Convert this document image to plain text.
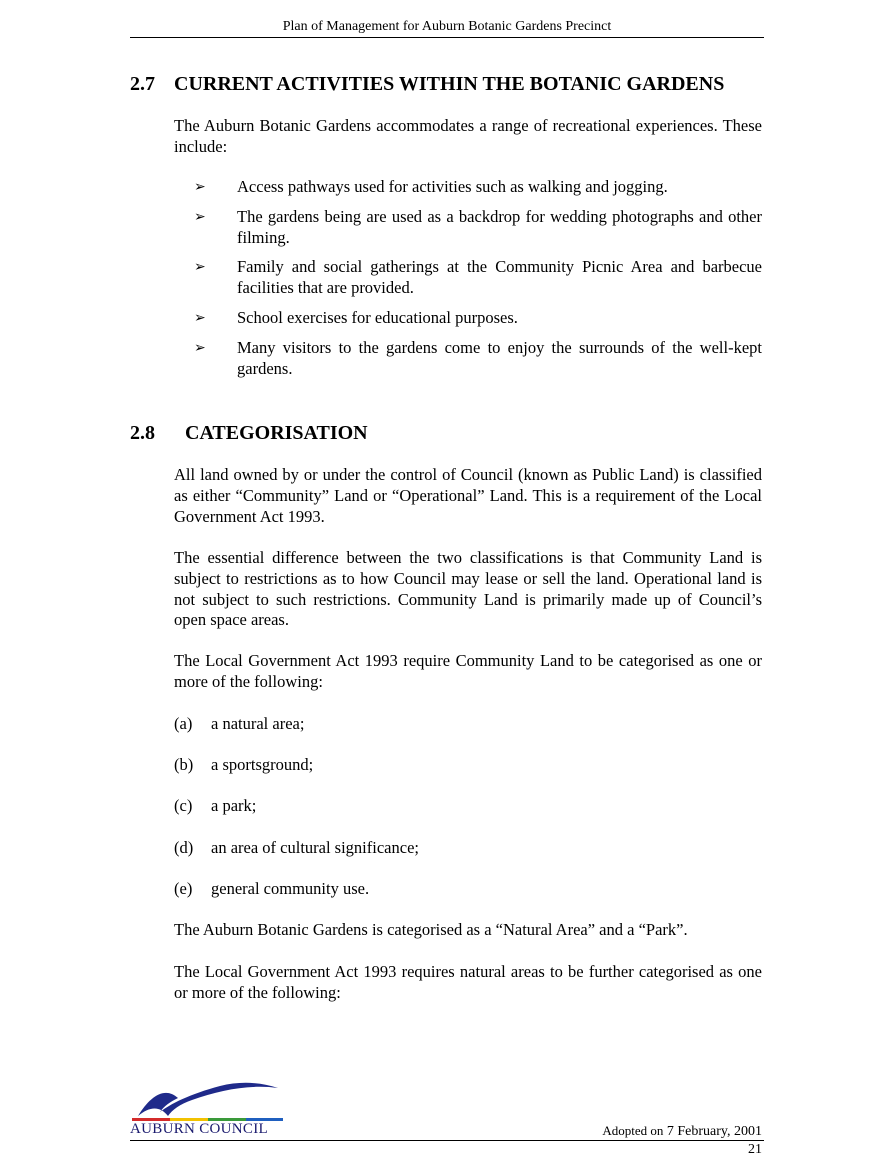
Plan of Management for Auburn Botanic Gardens Precinct
2.7 CURRENT ACTIVITIES WITHIN THE BOTANIC GARDENS

The Auburn Botanic Gardens accommodates a range of recreational experiences. These include:

➢ Access pathways used for activities such as walking and jogging.
➢ The gardens being are used as a backdrop for wedding photographs and other filming.
➢ Family and social gatherings at the Community Picnic Area and barbecue facilities that are provided.
➢ School exercises for educational purposes.
➢ Many visitors to the gardens come to enjoy the surrounds of the well-kept gardens.
2.8 CATEGORISATION

All land owned by or under the control of Council (known as Public Land) is classified as either “Community” Land or “Operational” Land. This is a requirement of the Local Government Act 1993.

The essential difference between the two classifications is that Community Land is subject to restrictions as to how Council may lease or sell the land. Operational land is not subject to such restrictions. Community Land is primarily made up of Council’s open space areas.

The Local Government Act 1993 require Community Land to be categorised as one or more of the following:

(a) a natural area;
(b) a sportsground;
(c) a park;
(d) an area of cultural significance;
(e) general community use.

The Auburn Botanic Gardens is categorised as a “Natural Area” and a “Park”.

The Local Government Act 1993 requires natural areas to be further categorised as one or more of the following:

AUBURN COUNCIL	Adopted on 7 February, 2001
21
